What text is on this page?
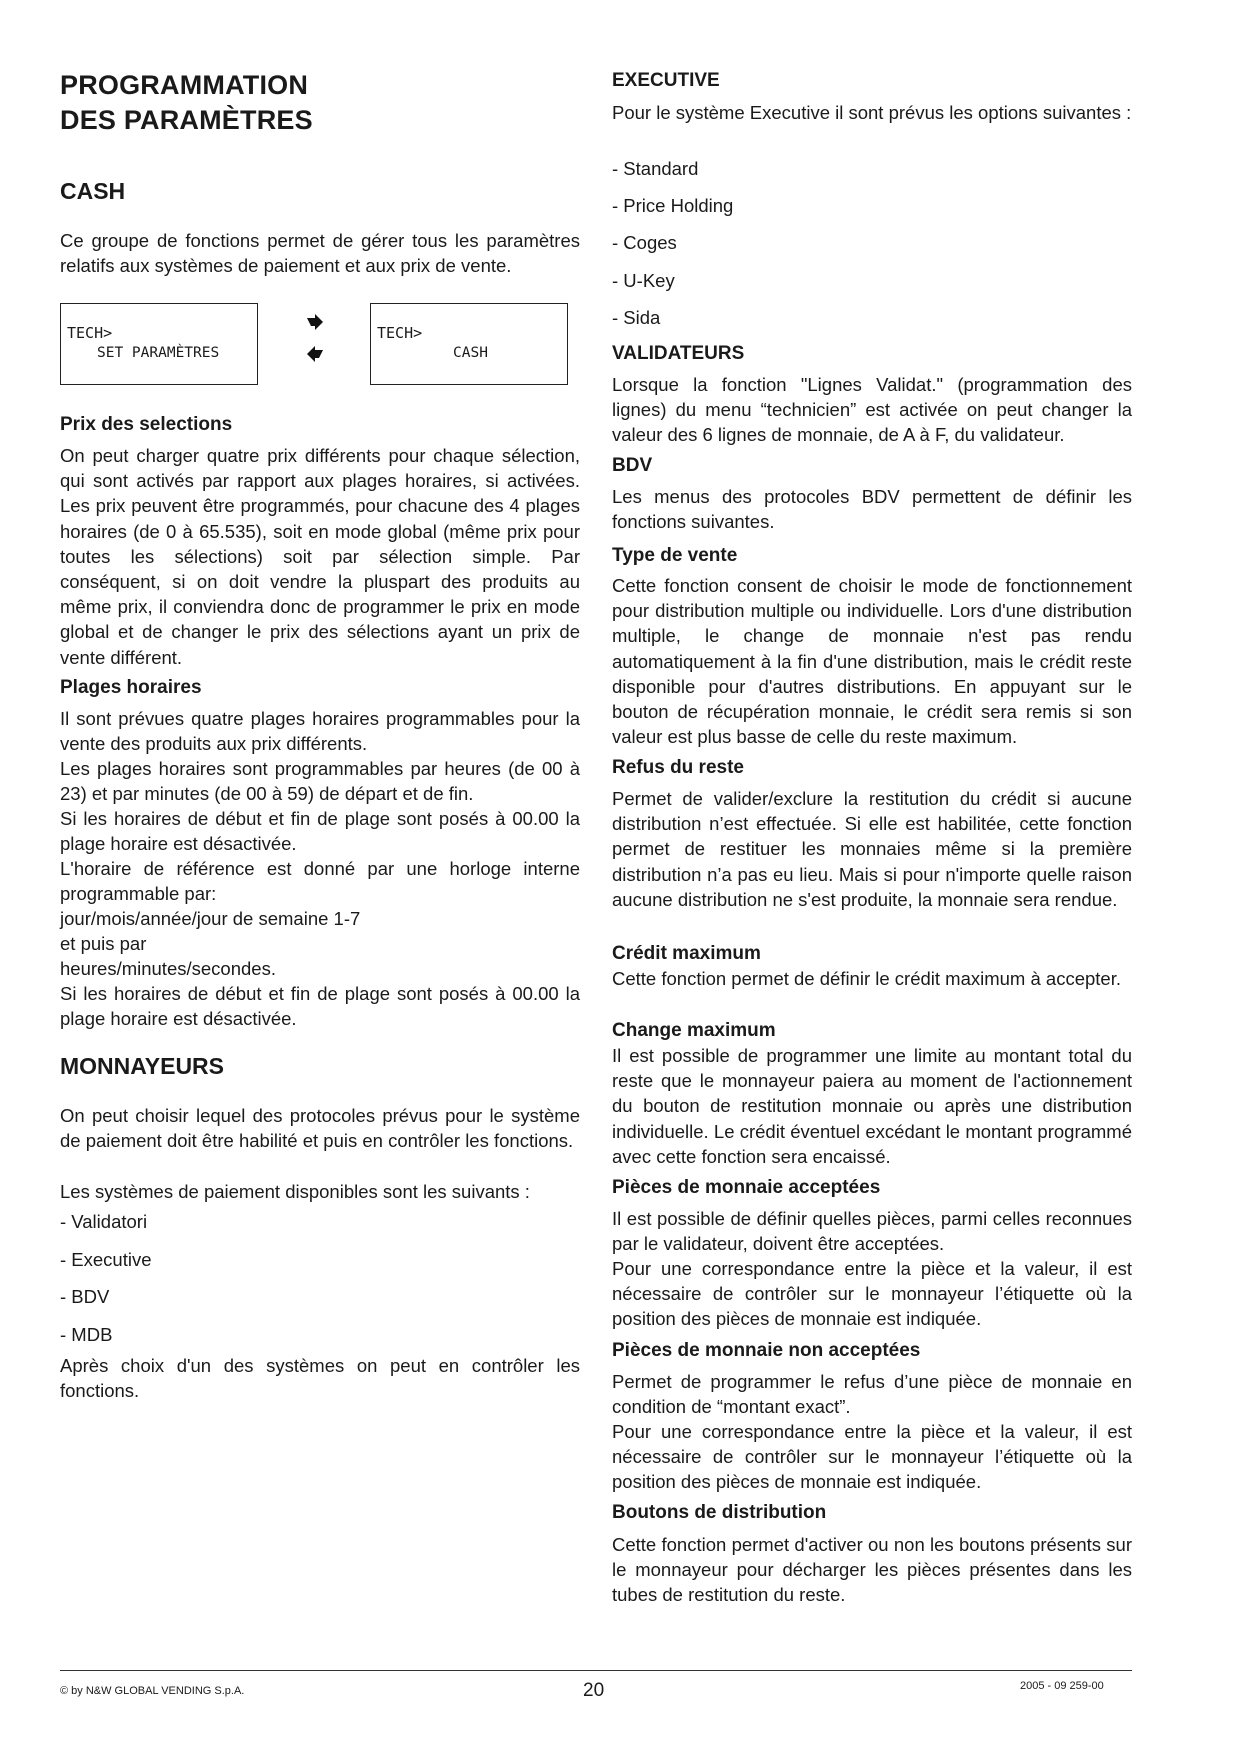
PROGRAMMATION
DES PARAMÈTRES
CASH
Ce groupe de fonctions permet de gérer tous les paramètres relatifs aux systèmes de paiement et aux prix de vente.
TECH>
SET PARAMÈTRES
TECH>
CASH
Prix des selections
On peut charger quatre prix différents pour chaque sélection, qui sont activés par rapport aux plages horaires, si activées. Les prix peuvent être programmés, pour chacune des 4 plages horaires (de 0 à 65.535), soit en mode global (même prix pour toutes les sélections) soit par sélection simple. Par conséquent, si on doit vendre la pluspart des produits au même prix, il conviendra donc de programmer le prix en mode global et de changer le prix des sélections ayant un prix de vente différent.
Plages horaires
Il sont prévues quatre plages horaires programmables pour la vente des produits aux prix différents.
Les plages horaires sont programmables par heures (de 00 à 23) et par minutes (de 00 à 59) de départ et de fin.
Si les horaires de début et fin de plage sont posés à 00.00 la plage horaire est désactivée.
L'horaire de référence est donné par une horloge interne programmable par:
jour/mois/année/jour de semaine 1-7
et puis par
heures/minutes/secondes.
Si les horaires de début et fin de plage sont posés à 00.00 la plage horaire est désactivée.
MONNAYEURS
On peut choisir lequel des protocoles prévus pour le système de paiement doit être habilité et puis en contrôler les fonctions.
Les systèmes de paiement disponibles sont les suivants :
- Validatori
- Executive
- BDV
- MDB
Après choix d'un des systèmes on peut en contrôler les fonctions.
EXECUTIVE
Pour le système Executive il sont prévus les options suivantes :
- Standard
- Price Holding
- Coges
- U-Key
- Sida
VALIDATEURS
Lorsque la fonction "Lignes Validat." (programmation des lignes) du menu “technicien” est activée on peut changer la valeur des 6 lignes de monnaie, de A à F, du validateur.
BDV
Les menus des protocoles BDV permettent de définir les fonctions suivantes.
Type de vente
Cette fonction consent de choisir le mode de fonctionnement pour distribution multiple ou individuelle. Lors d'une distribution multiple, le change de monnaie n'est pas rendu automatiquement à la fin d'une distribution, mais le crédit reste disponible pour d'autres distributions. En appuyant sur le bouton de récupération monnaie, le crédit sera remis si son valeur est plus basse de celle du reste maximum.
Refus du reste
Permet de valider/exclure la restitution du crédit si aucune distribution n’est effectuée. Si elle est habilitée, cette fonction permet de restituer les monnaies même si la première distribution n’a pas eu lieu. Mais si pour n'importe quelle raison aucune distribution ne s'est produite, la monnaie sera rendue.
Crédit maximum
Cette fonction permet de définir le crédit maximum à accepter.
Change maximum
Il est possible de programmer une limite au montant total du reste que le monnayeur paiera au moment de l'actionnement du bouton de restitution monnaie ou après une distribution individuelle. Le crédit éventuel excédant le montant programmé avec cette fonction sera encaissé.
Pièces de monnaie acceptées
Il est possible de définir quelles pièces, parmi celles reconnues par le validateur, doivent être acceptées.
Pour une correspondance entre la pièce et la valeur, il est nécessaire de contrôler sur le monnayeur l’étiquette où la position des pièces de monnaie est indiquée.
Pièces de monnaie non acceptées
Permet de programmer le refus d’une pièce de monnaie en condition de “montant exact”.
Pour une correspondance entre la pièce et la valeur, il est nécessaire de contrôler sur le monnayeur l’étiquette où la position des pièces de monnaie est indiquée.
Boutons de distribution
Cette fonction permet d'activer ou non les boutons présents sur le monnayeur pour décharger les pièces présentes dans les tubes de restitution du reste.
© by N&W GLOBAL VENDING S.p.A.	20	2005 - 09 259-00
